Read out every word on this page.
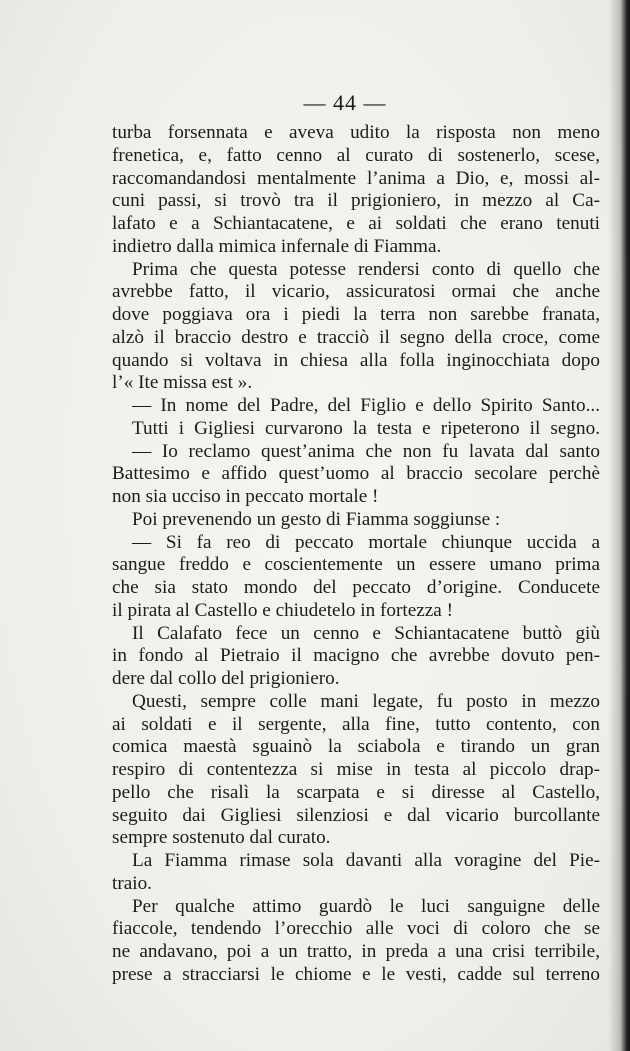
— 44 —
turba forsennata e aveva udito la risposta non meno
frenetica, e, fatto cenno al curato di sostenerlo, scese,
raccomandandosi mentalmente l’anima a Dio, e, mossi al-
cuni passi, si trovò tra il prigioniero, in mezzo al Ca-
lafato e a Schiantacatene, e ai soldati che erano tenuti
indietro dalla mimica infernale di Fiamma.
Prima che questa potesse rendersi conto di quello che
avrebbe fatto, il vicario, assicuratosi ormai che anche
dove poggiava ora i piedi la terra non sarebbe franata,
alzò il braccio destro e tracciò il segno della croce, come
quando si voltava in chiesa alla folla inginocchiata dopo
l’« Ite missa est ».
— In nome del Padre, del Figlio e dello Spirito Santo...
Tutti i Gigliesi curvarono la testa e ripeterono il segno.
— Io reclamo quest’anima che non fu lavata dal santo
Battesimo e affido quest’uomo al braccio secolare perchè
non sia ucciso in peccato mortale !
Poi prevenendo un gesto di Fiamma soggiunse :
— Si fa reo di peccato mortale chiunque uccida a
sangue freddo e coscientemente un essere umano prima
che sia stato mondo del peccato d’origine. Conducete
il pirata al Castello e chiudetelo in fortezza !
Il Calafato fece un cenno e Schiantacatene buttò giù
in fondo al Pietraio il macigno che avrebbe dovuto pen-
dere dal collo del prigioniero.
Questi, sempre colle mani legate, fu posto in mezzo
ai soldati e il sergente, alla fine, tutto contento, con
comica maestà sguainò la sciabola e tirando un gran
respiro di contentezza si mise in testa al piccolo drap-
pello che risalì la scarpata e si diresse al Castello,
seguito dai Gigliesi silenziosi e dal vicario burcollante
sempre sostenuto dal curato.
La Fiamma rimase sola davanti alla voragine del Pie-
traio.
Per qualche attimo guardò le luci sanguigne delle
fiaccole, tendendo l’orecchio alle voci di coloro che se
ne andavano, poi a un tratto, in preda a una crisi terribile,
prese a stracciarsi le chiome e le vesti, cadde sul terreno
